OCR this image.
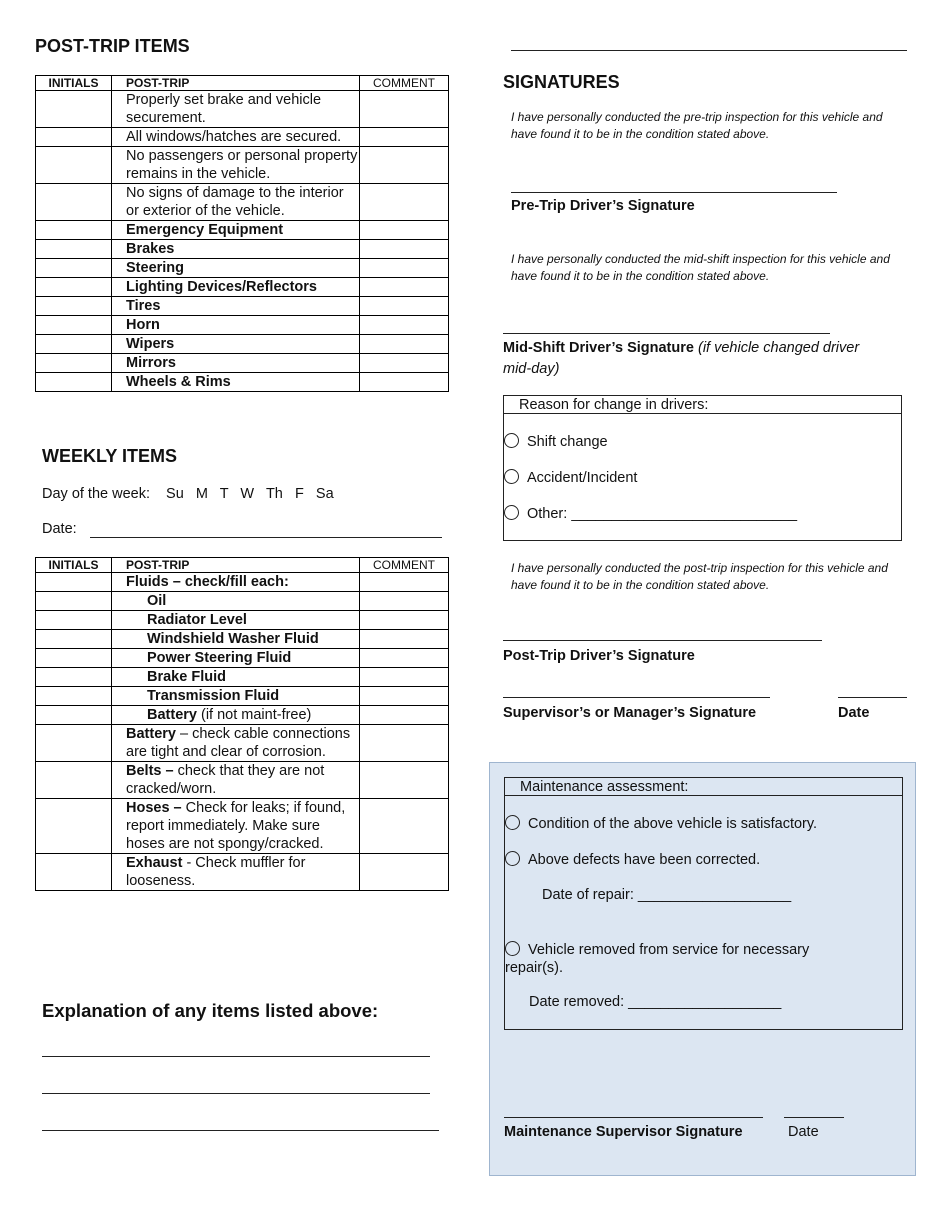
POST-TRIP ITEMS
INITIALS	POST-TRIP	COMMENT
	Properly set brake and vehicle securement.	
	All windows/hatches are secured.	
	No passengers or personal property remains in the vehicle.	
	No signs of damage to the interior or exterior of the vehicle.	
	Emergency Equipment	
	Brakes	
	Steering	
	Lighting Devices/Reflectors	
	Tires	
	Horn	
	Wipers	
	Mirrors	
	Wheels & Rims	
WEEKLY ITEMS
Day of the week: Su   M   T   W   Th   F   Sa
Date:
INITIALS	POST-TRIP	COMMENT
	Fluids – check/fill each:	
	Oil	
	Radiator Level	
	Windshield Washer Fluid	
	Power Steering Fluid	
	Brake Fluid	
	Transmission Fluid	
	Battery (if not maint-free)	
	Battery – check cable connections are tight and clear of corrosion.	
	Belts – check that they are not cracked/worn.	
	Hoses – Check for leaks; if found, report immediately. Make sure hoses are not spongy/cracked.	
	Exhaust - Check muffler for looseness.	
Explanation of any items listed above:
SIGNATURES
I have personally conducted the pre-trip inspection for this vehicle and have found it to be in the condition stated above.
Pre-Trip Driver’s Signature
I have personally conducted the mid-shift inspection for this vehicle and have found it to be in the condition stated above.
Mid-Shift Driver’s Signature (if vehicle changed driver mid-day)
Reason for change in drivers:
Shift change
Accident/Incident
Other: ____________________________
I have personally conducted the post-trip inspection for this vehicle and have found it to be in the condition stated above.
Post-Trip Driver’s Signature
Supervisor’s or Manager’s Signature	Date
Maintenance assessment:
Condition of the above vehicle is satisfactory.
Above defects have been corrected.
Date of repair: ___________________
Vehicle removed from service for necessary repair(s).
Date removed: ___________________
Maintenance Supervisor Signature	Date
